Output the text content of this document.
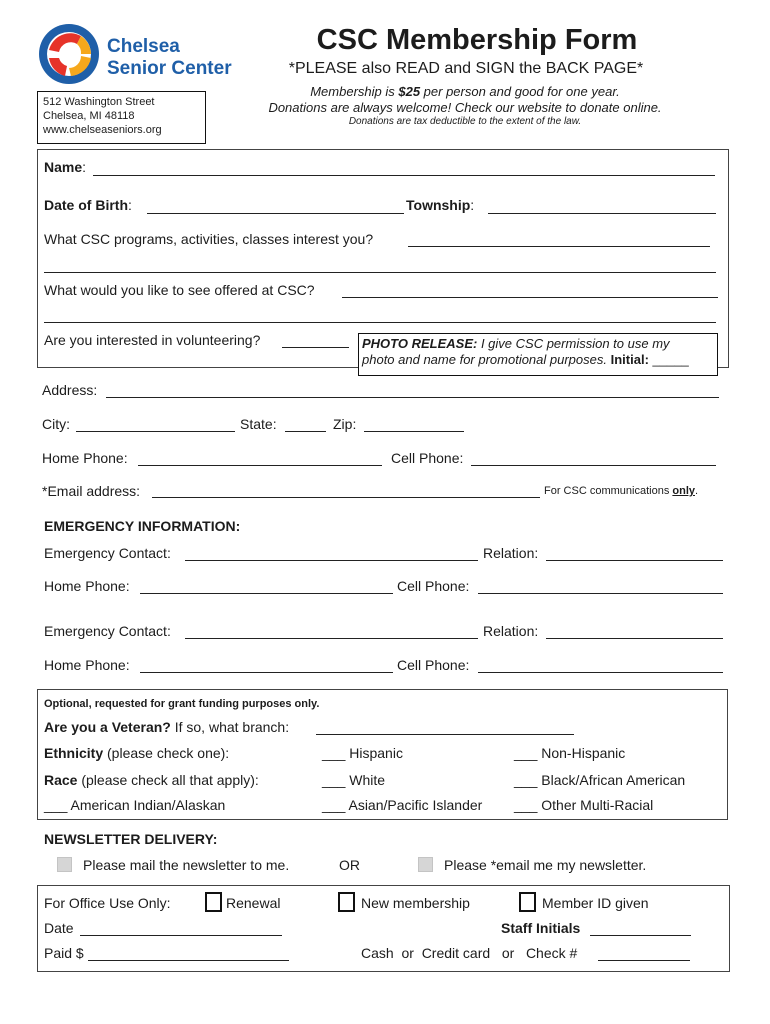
Chelsea
Senior Center
512 Washington Street
Chelsea, MI 48118
www.chelseaseniors.org
CSC Membership Form
*PLEASE also READ and SIGN the BACK PAGE*
Membership is $25 per person and good for one year.
Donations are always welcome! Check our website to donate online.
Donations are tax deductible to the extent of the law.
Name:
Date of Birth:	Township:
What CSC programs, activities, classes interest you?
What would you like to see offered at CSC?
Are you interested in volunteering?	PHOTO RELEASE: I give CSC permission to use my
photo and name for promotional purposes. Initial: _____
Address:
City:	State:	Zip:
Home Phone:	Cell Phone:
*Email address:	For CSC communications only.
EMERGENCY INFORMATION:
Emergency Contact:	Relation:
Home Phone:	Cell Phone:
Emergency Contact:	Relation:
Home Phone:	Cell Phone:
Optional, requested for grant funding purposes only.
Are you a Veteran? If so, what branch:
Ethnicity (please check one):	___ Hispanic	___ Non-Hispanic
Race (please check all that apply):	___ White	___ Black/African American
___ American Indian/Alaskan	___ Asian/Pacific Islander ___ Other Multi-Racial
NEWSLETTER DELIVERY:
Please mail the newsletter to me.	OR	Please *email me my newsletter.
For Office Use Only:	Renewal	New membership	Member ID given
Date	Staff Initials
Paid $	Cash  or  Credit card   or   Check #
